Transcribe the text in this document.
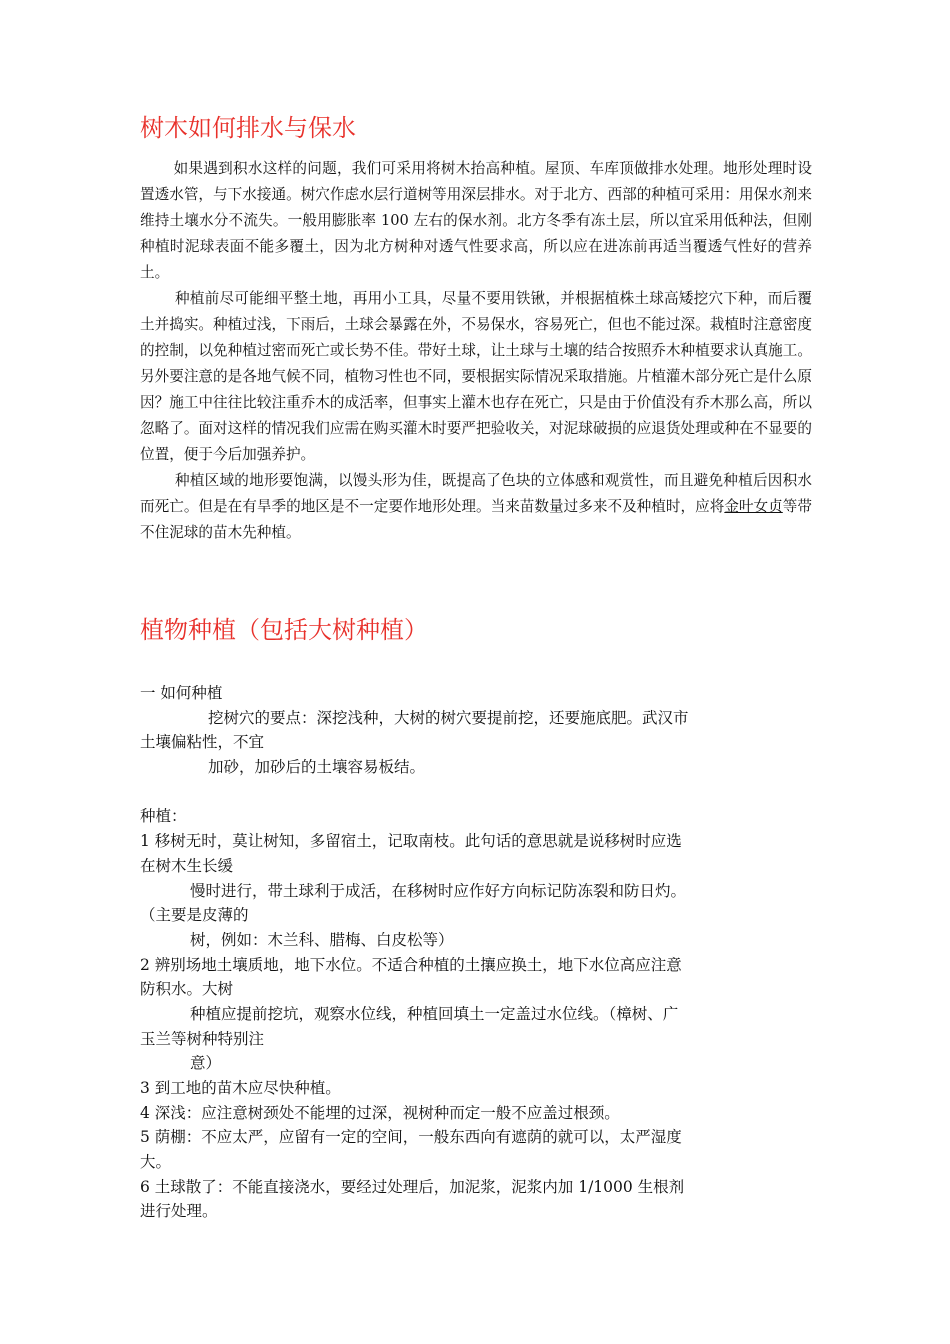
树木如何排水与保水

如果遇到积水这样的问题，我们可采用将树木抬高种植。屋顶、车库顶做排水处理。地形处理时设置透水管，与下水接通。树穴作虑水层行道树等用深层排水。对于北方、西部的种植可采用：用保水剂来维持土壤水分不流失。一般用膨胀率 100 左右的保水剂。北方冬季有冻土层，所以宜采用低种法，但刚种植时泥球表面不能多覆土，因为北方树种对透气性要求高，所以应在进冻前再适当覆透气性好的营养土。

种植前尽可能细平整土地，再用小工具，尽量不要用铁锹，并根据植株土球高矮挖穴下种，而后覆土并捣实。种植过浅，下雨后，土球会暴露在外，不易保水，容易死亡，但也不能过深。栽植时注意密度的控制，以免种植过密而死亡或长势不佳。带好土球，让土球与土壤的结合按照乔木种植要求认真施工。另外要注意的是各地气候不同，植物习性也不同，要根据实际情况采取措施。片植灌木部分死亡是什么原因？施工中往往比较注重乔木的成活率，但事实上灌木也存在死亡，只是由于价值没有乔木那么高，所以忽略了。面对这样的情况我们应需在购买灌木时要严把验收关，对泥球破损的应退货处理或种在不显要的位置，便于今后加强养护。

种植区域的地形要饱满，以馒头形为佳，既提高了色块的立体感和观赏性，而且避免种植后因积水而死亡。但是在有旱季的地区是不一定要作地形处理。当来苗数量过多来不及种植时，应将金叶女贞等带不住泥球的苗木先种植。

植物种植（包括大树种植）
一 如何种植
挖树穴的要点：深挖浅种，大树的树穴要提前挖，还要施底肥。武汉市
土壤偏粘性，不宜
加砂，加砂后的土壤容易板结。
种植：
1 移树无时，莫让树知，多留宿土，记取南枝。此句话的意思就是说移树时应选
在树木生长缓
慢时进行，带土球利于成活，在移树时应作好方向标记防冻裂和防日灼。
（主要是皮薄的
树，例如：木兰科、腊梅、白皮松等）
2 辨别场地土壤质地，地下水位。不适合种植的土攘应换土，地下水位高应注意
防积水。大树
种植应提前挖坑，观察水位线，种植回填土一定盖过水位线。（樟树、广
玉兰等树种特别注
意）
3 到工地的苗木应尽快种植。
4 深浅：应注意树颈处不能埋的过深，视树种而定一般不应盖过根颈。
5 荫棚：不应太严，应留有一定的空间，一般东西向有遮荫的就可以，太严湿度
大。
6 土球散了：不能直接浇水，要经过处理后，加泥浆，泥浆内加 1/1000 生根剂
进行处理。
